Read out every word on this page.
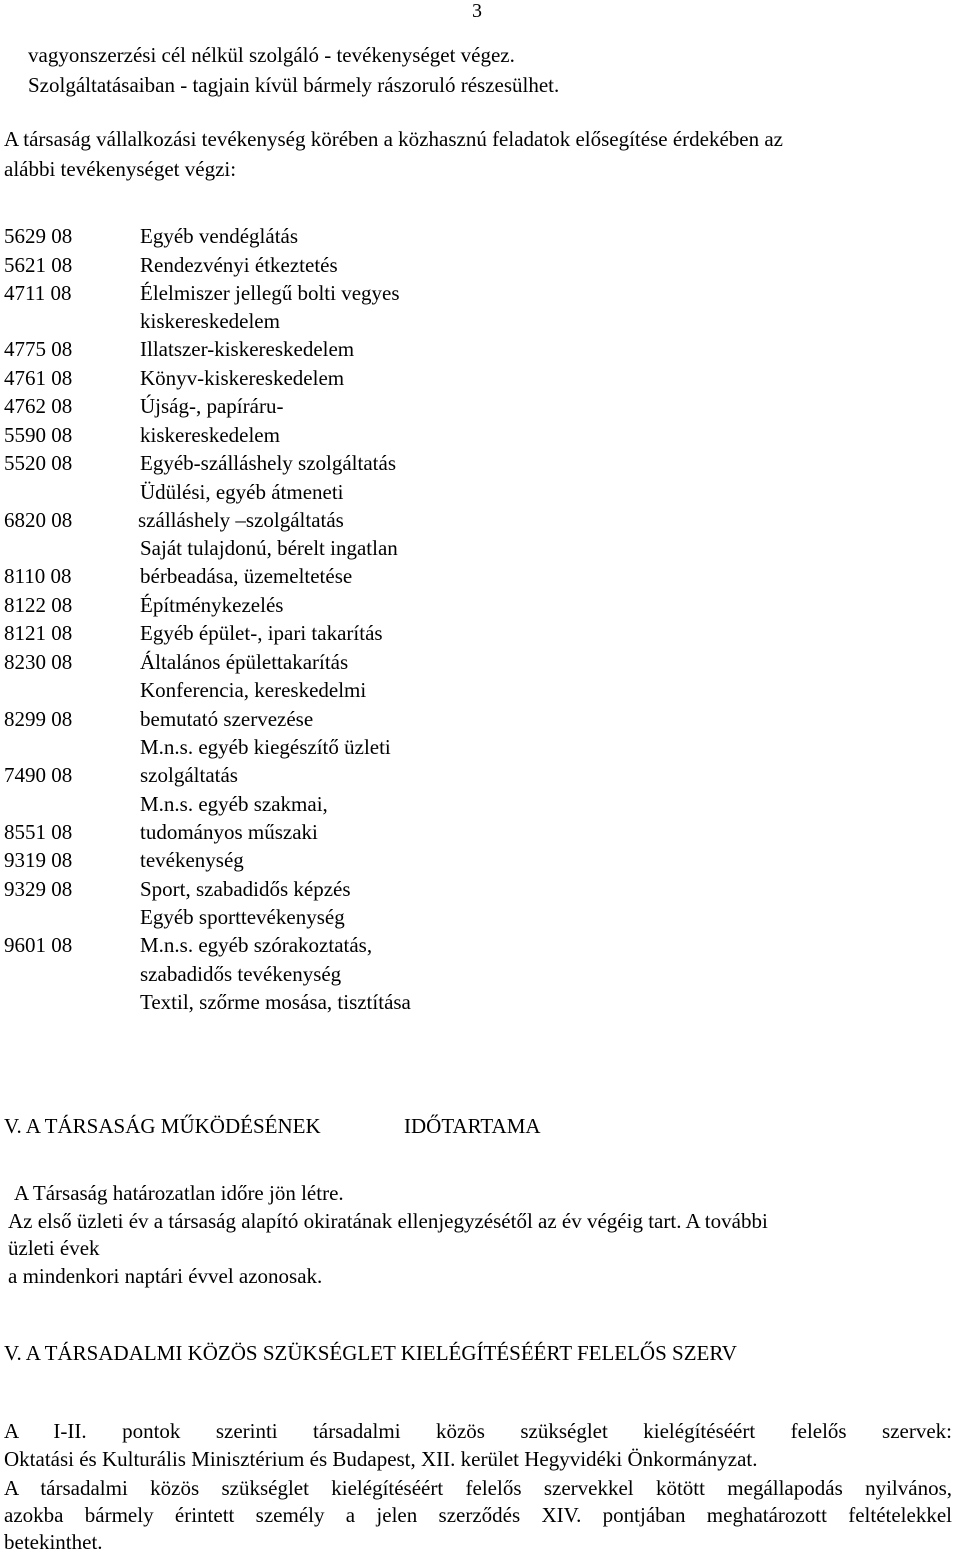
3
vagyonszerzési cél nélkül szolgáló - tevékenységet végez.
Szolgáltatásaiban - tagjain kívül bármely rászoruló részesülhet.
A társaság vállalkozási tevékenység körében a közhasznú feladatok elősegítése érdekében az
alábbi tevékenységet végzi:
5629 08
5621 08
4711 08
4775 08
4761 08
4762 08
5590 08
5520 08
6820 08
8110 08
8122 08
8121 08
8230 08
8299 08
7490 08
8551 08
9319 08
9329 08
9601 08
Egyéb vendéglátás
Rendezvényi étkeztetés
Élelmiszer jellegű bolti vegyes
kiskereskedelem
Illatszer-kiskereskedelem
Könyv-kiskereskedelem
Újság-, papíráru-
kiskereskedelem
Egyéb-szálláshely szolgáltatás
Üdülési, egyéb átmeneti
szálláshely –szolgáltatás
Saját tulajdonú, bérelt ingatlan
bérbeadása, üzemeltetése
Építménykezelés
Egyéb épület-, ipari takarítás
Általános épülettakarítás
Konferencia, kereskedelmi
bemutató szervezése
M.n.s. egyéb kiegészítő üzleti
szolgáltatás
M.n.s. egyéb szakmai,
tudományos műszaki
tevékenység
Sport, szabadidős képzés
Egyéb sporttevékenység
M.n.s. egyéb szórakoztatás,
szabadidős tevékenység
Textil, szőrme mosása, tisztítása
V. A TÁRSASÁG MŰKÖDÉSÉNEK	IDŐTARTAMA
A Társaság határozatlan időre jön létre.
Az első üzleti év a társaság alapító okiratának ellenjegyzésétől az év végéig tart. A további
üzleti évek
a mindenkori naptári évvel azonosak.
V. A TÁRSADALMI KÖZÖS SZÜKSÉGLET KIELÉGÍTÉSÉÉRT FELELŐS SZERV
A I-II. pontok szerinti társadalmi közös szükséglet kielégítéséért felelős szervek:
Oktatási és Kulturális Minisztérium és Budapest, XII. kerület Hegyvidéki Önkormányzat.
A társadalmi közös szükséglet kielégítéséért felelős szervekkel kötött megállapodás nyilvános,
azokba bármely érintett személy a jelen szerződés XIV. pontjában meghatározott feltételekkel
betekinthet.
